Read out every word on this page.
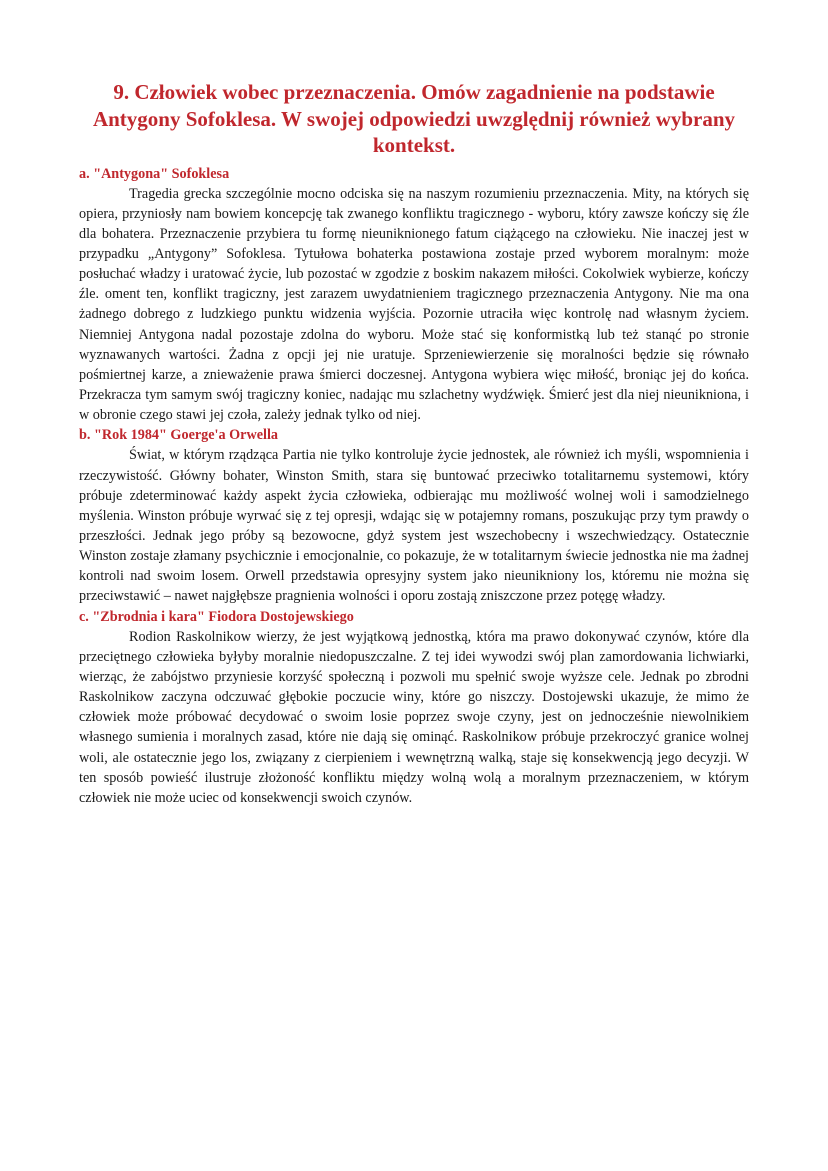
9. Człowiek wobec przeznaczenia. Omów zagadnienie na podstawie Antygony Sofoklesa. W swojej odpowiedzi uwzględnij również wybrany kontekst.
a. "Antygona" Sofoklesa

Tragedia grecka szczególnie mocno odciska się na naszym rozumieniu przeznaczenia. Mity, na których się opiera, przyniosły nam bowiem koncepcję tak zwanego konfliktu tragicznego - wyboru, który zawsze kończy się źle dla bohatera. Przeznaczenie przybiera tu formę nieuniknionego fatum ciążącego na człowieku. Nie inaczej jest w przypadku „Antygony” Sofoklesa. Tytułowa bohaterka postawiona zostaje przed wyborem moralnym: może posłuchać władzy i uratować życie, lub pozostać w zgodzie z boskim nakazem miłości. Cokolwiek wybierze, kończy źle. oment ten, konflikt tragiczny, jest zarazem uwydatnieniem tragicznego przeznaczenia Antygony. Nie ma ona żadnego dobrego z ludzkiego punktu widzenia wyjścia. Pozornie utraciła więc kontrolę nad własnym życiem. Niemniej Antygona nadal pozostaje zdolna do wyboru. Może stać się konformistką lub też stanąć po stronie wyznawanych wartości. Żadna z opcji jej nie uratuje. Sprzeniewierzenie się moralności będzie się równało pośmiertnej karze, a znieważenie prawa śmierci doczesnej. Antygona wybiera więc miłość, broniąc jej do końca. Przekracza tym samym swój tragiczny koniec, nadając mu szlachetny wydźwięk. Śmierć jest dla niej nieunikniona, i w obronie czego stawi jej czoła, zależy jednak tylko od niej.

b. "Rok 1984" Goerge'a Orwella

Świat, w którym rządząca Partia nie tylko kontroluje życie jednostek, ale również ich myśli, wspomnienia i rzeczywistość. Główny bohater, Winston Smith, stara się buntować przeciwko totalitarnemu systemowi, który próbuje zdeterminować każdy aspekt życia człowieka, odbierając mu możliwość wolnej woli i samodzielnego myślenia. Winston próbuje wyrwać się z tej opresji, wdając się w potajemny romans, poszukując przy tym prawdy o przeszłości. Jednak jego próby są bezowocne, gdyż system jest wszechobecny i wszechwiedzący. Ostatecznie Winston zostaje złamany psychicznie i emocjonalnie, co pokazuje, że w totalitarnym świecie jednostka nie ma żadnej kontroli nad swoim losem. Orwell przedstawia opresyjny system jako nieunikniony los, któremu nie można się przeciwstawić – nawet najgłębsze pragnienia wolności i oporu zostają zniszczone przez potęgę władzy.

c. "Zbrodnia i kara" Fiodora Dostojewskiego

Rodion Raskolnikow wierzy, że jest wyjątkową jednostką, która ma prawo dokonywać czynów, które dla przeciętnego człowieka byłyby moralnie niedopuszczalne. Z tej idei wywodzi swój plan zamordowania lichwiarki, wierząc, że zabójstwo przyniesie korzyść społeczną i pozwoli mu spełnić swoje wyższe cele. Jednak po zbrodni Raskolnikow zaczyna odczuwać głębokie poczucie winy, które go niszczy. Dostojewski ukazuje, że mimo że człowiek może próbować decydować o swoim losie poprzez swoje czyny, jest on jednocześnie niewolnikiem własnego sumienia i moralnych zasad, które nie dają się ominąć. Raskolnikow próbuje przekroczyć granice wolnej woli, ale ostatecznie jego los, związany z cierpieniem i wewnętrzną walką, staje się konsekwencją jego decyzji. W ten sposób powieść ilustruje złożoność konfliktu między wolną wolą a moralnym przeznaczeniem, w którym człowiek nie może uciec od konsekwencji swoich czynów.
